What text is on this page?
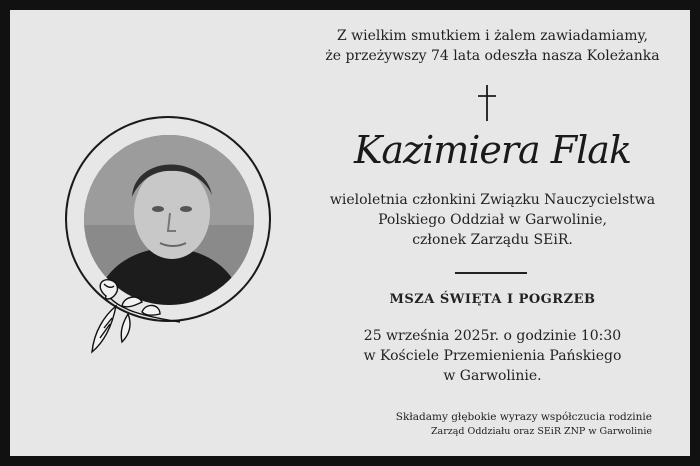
Z wielkim smutkiem i żalem zawiadamiamy,
że przeżywszy 74 lata odeszła nasza Koleżanka
Kazimiera Flak
wieloletnia członkini Związku Nauczycielstwa
Polskiego Oddział w Garwolinie,
członek Zarządu SEiR.
MSZA ŚWIĘTA I POGRZEB
25 września 2025r. o godzinie 10:30
w Kościele Przemienienia Pańskiego
w Garwolinie.
Składamy głębokie wyrazy współczucia rodzinie
Zarząd Oddziału oraz SEiR ZNP w Garwolinie
